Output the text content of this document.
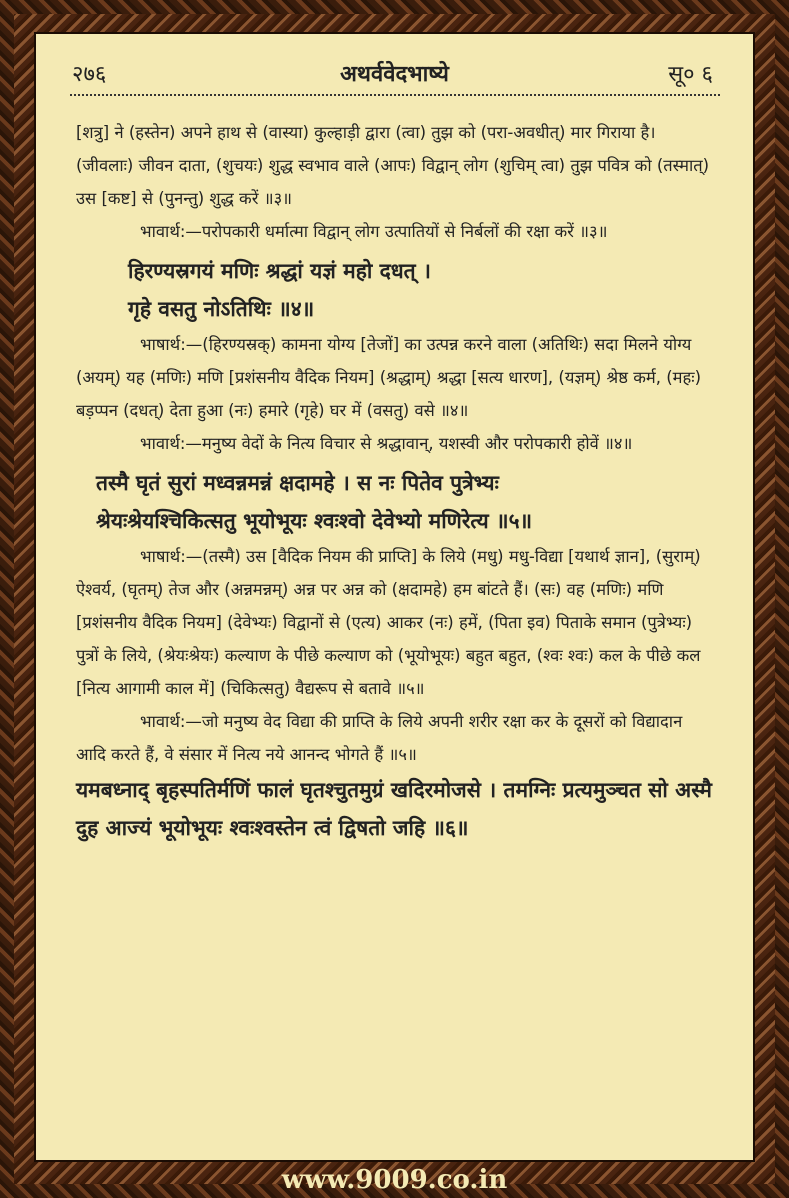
अथर्ववेदभाष्ये
२७६	सू० ६

[शत्रु] ने (हस्तेन) अपने हाथ से (वास्या) कुल्हाड़ी द्वारा (त्वा) तुझ को (परा-अवधीत्) मार गिराया है। (जीवलाः) जीवन दाता, (शुचयः) शुद्ध स्वभाव वाले (आपः) विद्वान् लोग (शुचिम् त्वा) तुझ पवित्र को (तस्मात्) उस [कष्ट] से (पुनन्तु) शुद्ध करें ॥३॥

भावार्थ:—परोपकारी धर्मात्मा विद्वान् लोग उत्पातियों से निर्बलों की रक्षा करें ॥३॥

हिरण्यस्रगयं मणिः श्रद्धां यज्ञं महो दधत् ।

गृहे वसतु नोऽतिथिः ॥४॥

भाषार्थ:—(हिरण्यस्रक्) कामना योग्य [तेजों] का उत्पन्न करने वाला (अतिथिः) सदा मिलने योग्य (अयम्) यह (मणिः) मणि [प्रशंसनीय वैदिक नियम] (श्रद्धाम्) श्रद्धा [सत्य धारण], (यज्ञम्) श्रेष्ठ कर्म, (महः) बड़प्पन (दधत्) देता हुआ (नः) हमारे (गृहे) घर में (वसतु) वसे ॥४॥

भावार्थ:—मनुष्य वेदों के नित्य विचार से श्रद्धावान्, यशस्वी और परोपकारी होवें ॥४॥

तस्मै घृतं सुरां मध्वन्नमन्नं क्षदामहे । स नः पितेव पुत्रेभ्यः

श्रेयःश्रेयश्चिकित्सतु भूयोभूयः श्वःश्वो देवेभ्यो मणिरेत्य ॥५॥

भाषार्थ:—(तस्मै) उस [वैदिक नियम की प्राप्ति] के लिये (मधु) मधु-विद्या [यथार्थ ज्ञान], (सुराम्) ऐश्वर्य, (घृतम्) तेज और (अन्नमन्नम्) अन्न पर अन्न को (क्षदामहे) हम बांटते हैं। (सः) वह (मणिः) मणि [प्रशंसनीय वैदिक नियम] (देवेभ्यः) विद्वानों से (एत्य) आकर (नः) हमें, (पिता इव) पिताके समान (पुत्रेभ्यः) पुत्रों के लिये, (श्रेयःश्रेयः) कल्याण के पीछे कल्याण को (भूयोभूयः) बहुत बहुत, (श्वः श्वः) कल के पीछे कल [नित्य आगामी काल में] (चिकित्सतु) वैद्यरूप से बतावे ॥५॥

भावार्थ:—जो मनुष्य वेद विद्या की प्राप्ति के लिये अपनी शरीर रक्षा कर के दूसरों को विद्यादान आदि करते हैं, वे संसार में नित्य नये आनन्द भोगते हैं ॥५॥

यमबध्नाद् बृहस्पतिर्मणिं फालं घृतश्चुतमुग्रं खदिरमोजसे । तमग्निः प्रत्यमुञ्चत सो अस्मै दुह आज्यं भूयोभूयः श्वःश्वस्तेन त्वं द्विषतो जहि ॥६॥

www.9009.co.in
